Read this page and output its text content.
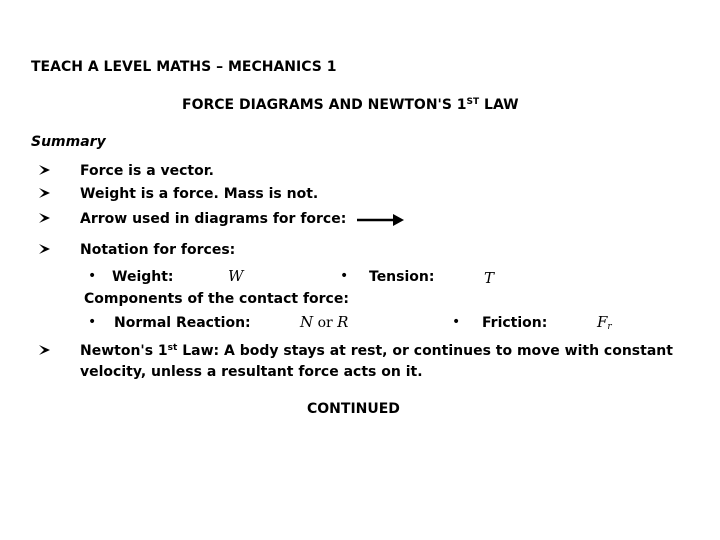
TEACH A LEVEL MATHS – MECHANICS 1
FORCE DIAGRAMS AND NEWTON'S 1ST LAW
Summary
Force is a vector.
Weight is a force. Mass is not.
Arrow used in diagrams for force:
Notation for forces:
• Weight:	W	• Tension:	T
Components of the contact force:
• Normal Reaction:	N or R	• Friction:	$F_r$
Newton's 1st Law: A body stays at rest, or continues to move with constant
velocity, unless a resultant force acts on it.
CONTINUED
